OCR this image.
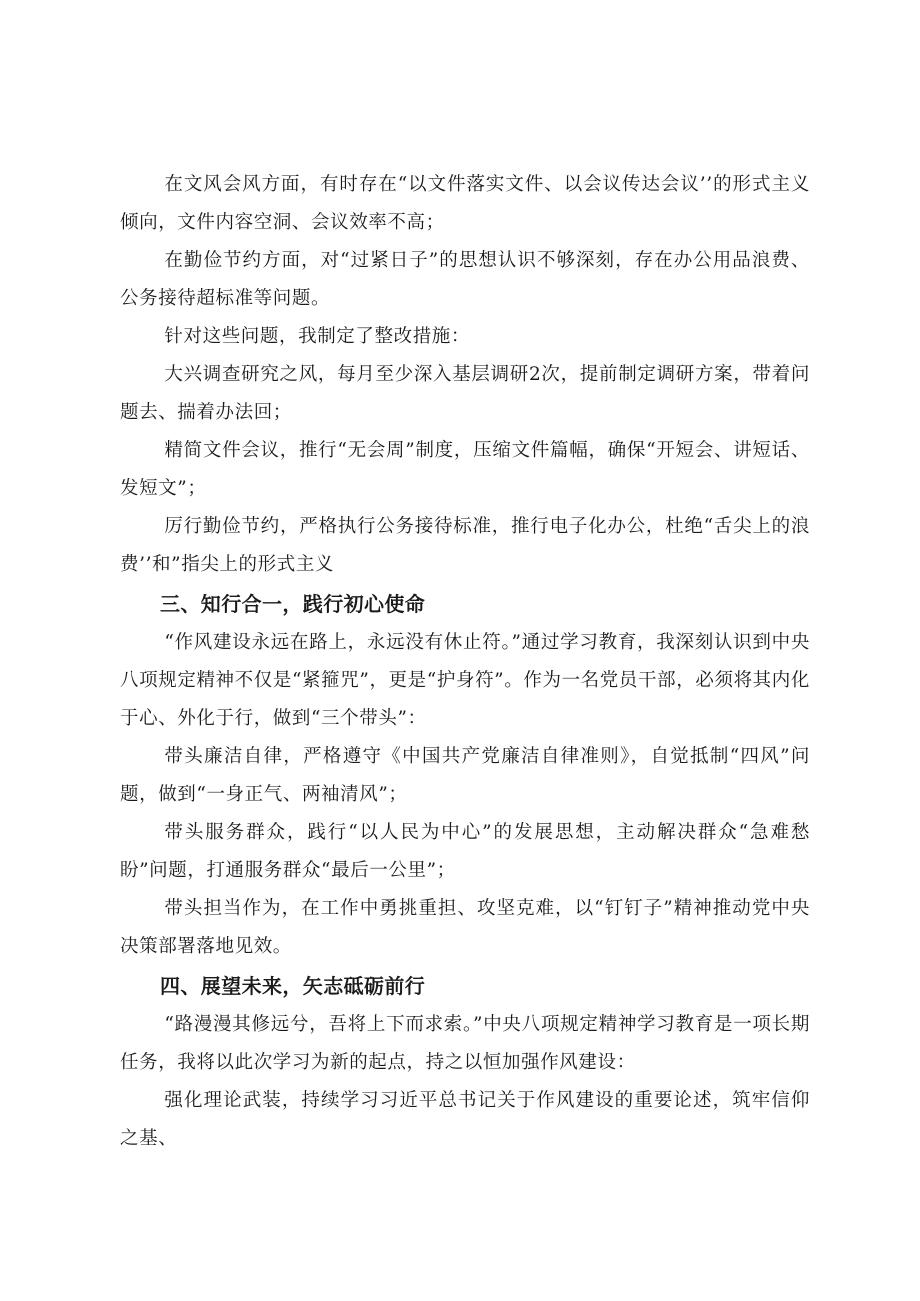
在文风会风方面，有时存在“以文件落实文件、以会议传达会议’’的形式主义倾向，文件内容空洞、会议效率不高；

在勤俭节约方面，对“过紧日子”的思想认识不够深刻，存在办公用品浪费、公务接待超标准等问题。

针对这些问题，我制定了整改措施：

大兴调查研究之风，每月至少深入基层调研2次，提前制定调研方案，带着问题去、揣着办法回；

精简文件会议，推行“无会周”制度，压缩文件篇幅，确保“开短会、讲短话、发短文”；

厉行勤俭节约，严格执行公务接待标准，推行电子化办公，杜绝“舌尖上的浪费’’和”指尖上的形式主义

三、知行合一，践行初心使命

“作风建设永远在路上，永远没有休止符。”通过学习教育，我深刻认识到中央八项规定精神不仅是“紧箍咒”，更是“护身符”。作为一名党员干部，必须将其内化于心、外化于行，做到“三个带头”：

带头廉洁自律，严格遵守《中国共产党廉洁自律准则》，自觉抵制“四风”问题，做到“一身正气、两袖清风”；

带头服务群众，践行“以人民为中心”的发展思想，主动解决群众“急难愁盼”问题，打通服务群众“最后一公里”；

带头担当作为，在工作中勇挑重担、攻坚克难，以“钉钉子”精神推动党中央决策部署落地见效。

四、展望未来，矢志砥砺前行

“路漫漫其修远兮，吾将上下而求索。”中央八项规定精神学习教育是一项长期任务，我将以此次学习为新的起点，持之以恒加强作风建设：

强化理论武装，持续学习习近平总书记关于作风建设的重要论述，筑牢信仰之基、
